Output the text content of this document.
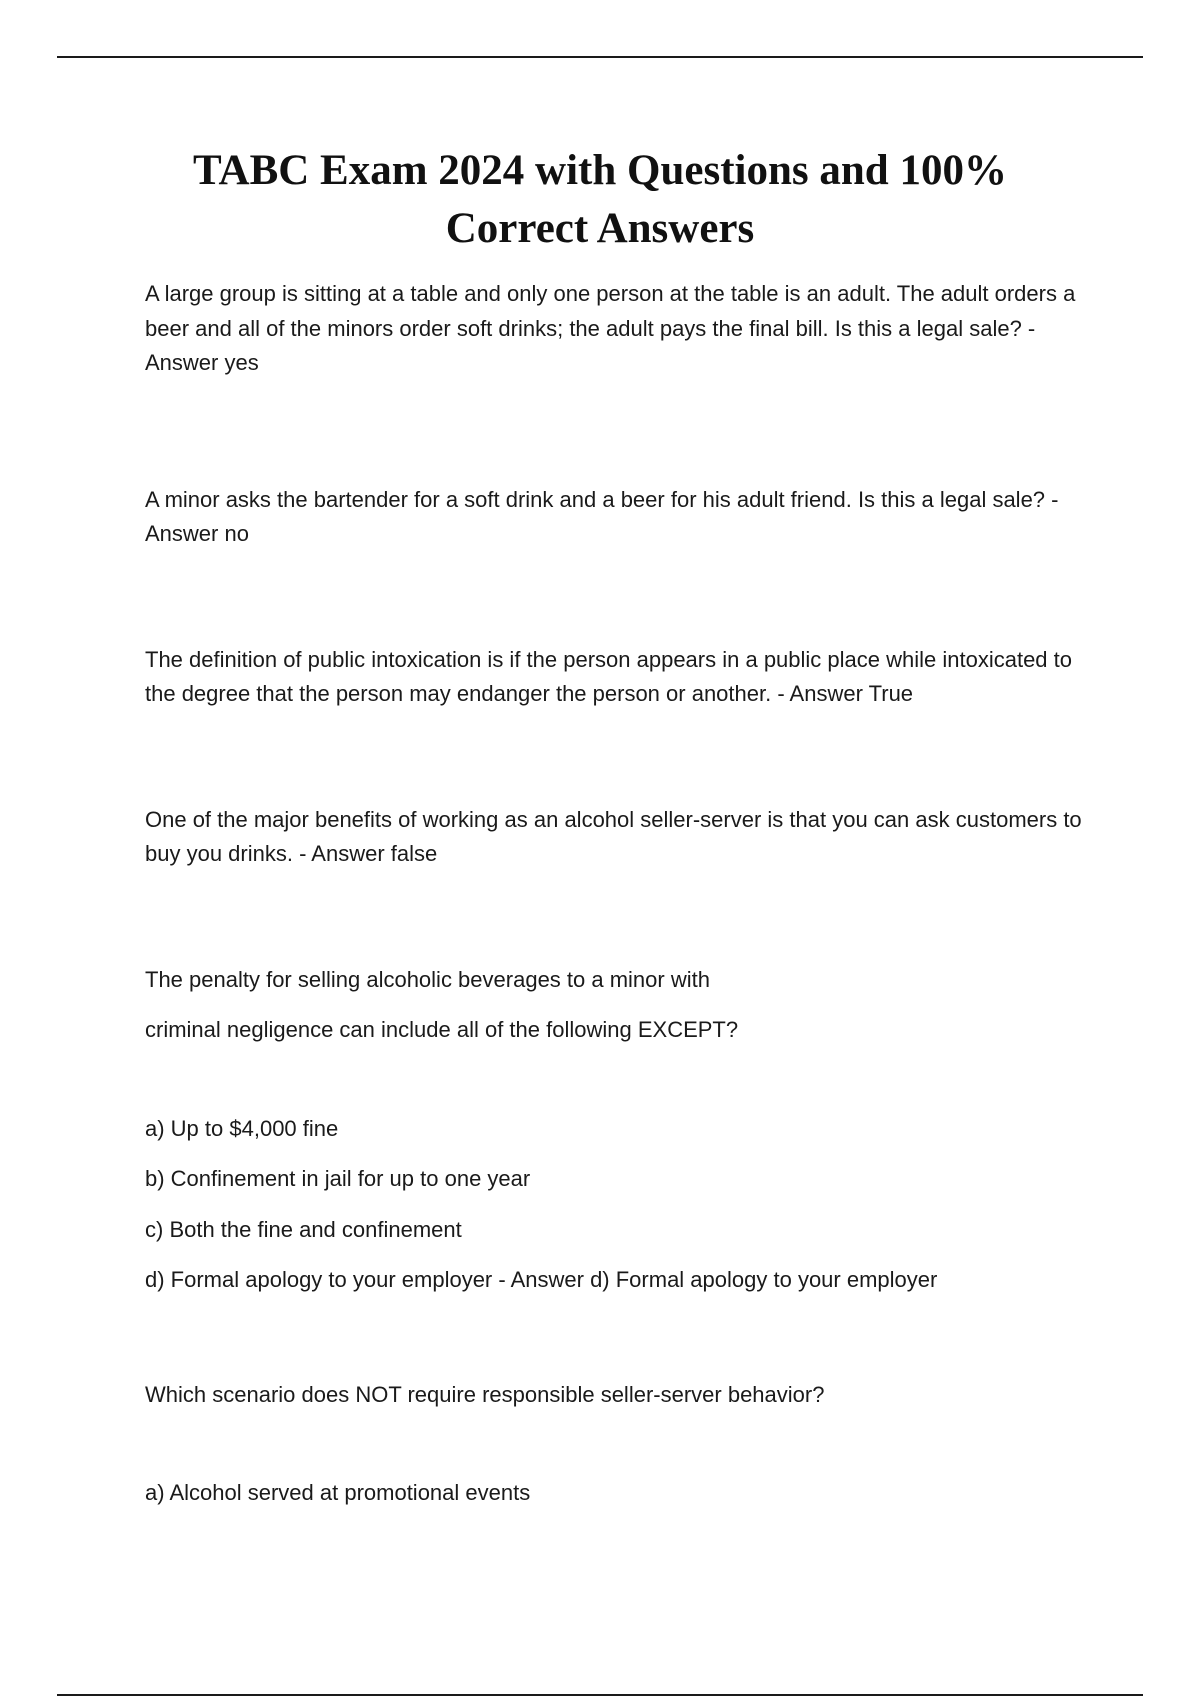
TABC Exam 2024 with Questions and 100%
Correct Answers

A large group is sitting at a table and only one person at the table is an adult. The adult orders a beer and all of the minors order soft drinks; the adult pays the final bill. Is this a legal sale? - Answer yes

A minor asks the bartender for a soft drink and a beer for his adult friend. Is this a legal sale? - Answer no

The definition of public intoxication is if the person appears in a public place while intoxicated to the degree that the person may endanger the person or another. - Answer True

One of the major benefits of working as an alcohol seller-server is that you can ask customers to buy you drinks. - Answer false

The penalty for selling alcoholic beverages to a minor with

criminal negligence can include all of the following EXCEPT?

a) Up to $4,000 fine

b) Confinement in jail for up to one year

c) Both the fine and confinement

d) Formal apology to your employer - Answer d) Formal apology to your employer

Which scenario does NOT require responsible seller-server behavior?

a) Alcohol served at promotional events
